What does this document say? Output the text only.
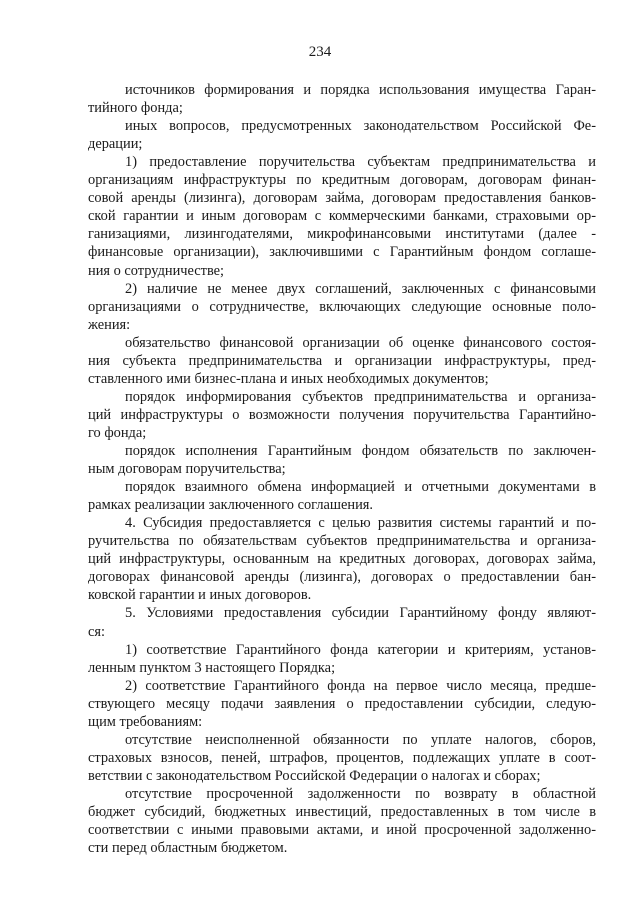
234
источников формирования и порядка использования имущества Гаран-
тийного фонда;
иных вопросов, предусмотренных законодательством Российской Фе-
дерации;
1) предоставление поручительства субъектам предпринимательства и
организациям инфраструктуры по кредитным договорам, договорам финан-
совой аренды (лизинга), договорам займа, договорам предоставления банков-
ской гарантии и иным договорам с коммерческими банками, страховыми ор-
ганизациями, лизингодателями, микрофинансовыми институтами (далее -
финансовые организации), заключившими с Гарантийным фондом соглаше-
ния о сотрудничестве;
2) наличие не менее двух соглашений, заключенных с финансовыми
организациями о сотрудничестве, включающих следующие основные поло-
жения:
обязательство финансовой организации об оценке финансового состоя-
ния субъекта предпринимательства и организации инфраструктуры, пред-
ставленного ими бизнес-плана и иных необходимых документов;
порядок информирования субъектов предпринимательства и организа-
ций инфраструктуры о возможности получения поручительства Гарантийно-
го фонда;
порядок исполнения Гарантийным фондом обязательств по заключен-
ным договорам поручительства;
порядок взаимного обмена информацией и отчетными документами в
рамках реализации заключенного соглашения.
4. Субсидия предоставляется с целью развития системы гарантий и по-
ручительства по обязательствам субъектов предпринимательства и организа-
ций инфраструктуры, основанным на кредитных договорах, договорах займа,
договорах финансовой аренды (лизинга), договорах о предоставлении бан-
ковской гарантии и иных договоров.
5. Условиями предоставления субсидии Гарантийному фонду являют-
ся:
1) соответствие Гарантийного фонда категории и критериям, установ-
ленным пунктом 3 настоящего Порядка;
2) соответствие Гарантийного фонда на первое число месяца, предше-
ствующего месяцу подачи заявления о предоставлении субсидии, следую-
щим требованиям:
отсутствие неисполненной обязанности по уплате налогов, сборов,
страховых взносов, пеней, штрафов, процентов, подлежащих уплате в соот-
ветствии с законодательством Российской Федерации о налогах и сборах;
отсутствие просроченной задолженности по возврату в областной
бюджет субсидий, бюджетных инвестиций, предоставленных в том числе в
соответствии с иными правовыми актами, и иной просроченной задолженно-
сти перед областным бюджетом.
